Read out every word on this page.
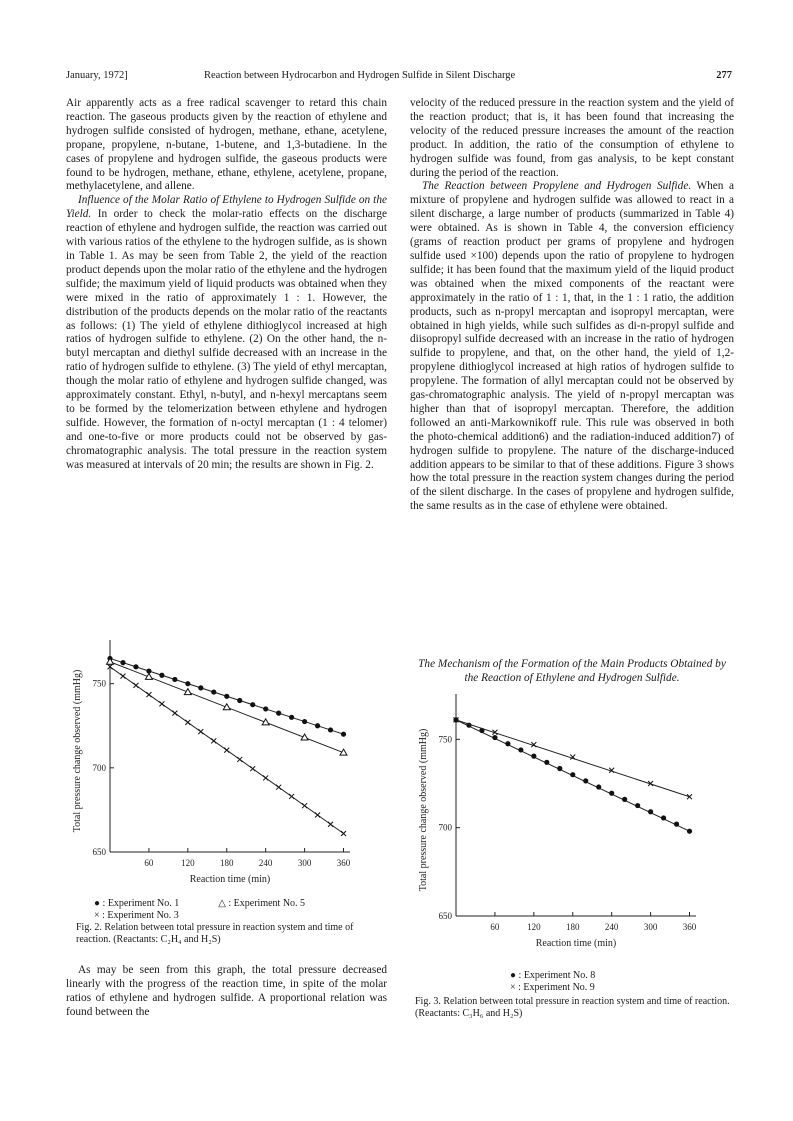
January, 1972]	Reaction between Hydrocarbon and Hydrogen Sulfide in Silent Discharge	277

Air apparently acts as a free radical scavenger to retard this chain reaction. The gaseous products given by the reaction of ethylene and hydrogen sulfide consisted of hydrogen, methane, ethane, acetylene, propane, propylene, n-butane, 1-butene, and 1,3-butadiene. In the cases of propylene and hydrogen sulfide, the gaseous products were found to be hydrogen, methane, ethane, ethylene, acetylene, propane, methylacetylene, and allene.

Influence of the Molar Ratio of Ethylene to Hydrogen Sulfide on the Yield. In order to check the molar-ratio effects on the discharge reaction of ethylene and hydrogen sulfide, the reaction was carried out with various ratios of the ethylene to the hydrogen sulfide, as is shown in Table 1. As may be seen from Table 2, the yield of the reaction product depends upon the molar ratio of the ethylene and the hydrogen sulfide; the maximum yield of liquid products was obtained when they were mixed in the ratio of approximately 1 : 1. However, the distribution of the products depends on the molar ratio of the reactants as follows: (1) The yield of ethylene dithioglycol increased at high ratios of hydrogen sulfide to ethylene. (2) On the other hand, the n-butyl mercaptan and diethyl sulfide decreased with an increase in the ratio of hydrogen sulfide to ethylene. (3) The yield of ethyl mercaptan, though the molar ratio of ethylene and hydrogen sulfide changed, was approximately constant. Ethyl, n-butyl, and n-hexyl mercaptans seem to be formed by the telomerization between ethylene and hydrogen sulfide. However, the formation of n-octyl mercaptan (1 : 4 telomer) and one-to-five or more products could not be observed by gas-chromatographic analysis. The total pressure in the reaction system was measured at intervals of 20 min; the results are shown in Fig. 2.

60	120	180	240	300	360
650
700
750
Reaction time (min)
Total pressure change observed (mmHg)
● : Experiment No. 1	△ : Experiment No. 5
× : Experiment No. 3
Fig. 2. Relation between total pressure in reaction system and time of reaction. (Reactants: C₂H₄ and H₂S)

As may be seen from this graph, the total pressure decreased linearly with the progress of the reaction time, in spite of the molar ratios of ethylene and hydrogen sulfide. A proportional relation was found between the

velocity of the reduced pressure in the reaction system and the yield of the reaction product; that is, it has been found that increasing the velocity of the reduced pressure increases the amount of the reaction product. In addition, the ratio of the consumption of ethylene to hydrogen sulfide was found, from gas analysis, to be kept constant during the period of the reaction.

The Reaction between Propylene and Hydrogen Sulfide. When a mixture of propylene and hydrogen sulfide was allowed to react in a silent discharge, a large number of products (summarized in Table 4) were obtained. As is shown in Table 4, the conversion efficiency (grams of reaction product per grams of propylene and hydrogen sulfide used ×100) depends upon the ratio of propylene to hydrogen sulfide; it has been found that the maximum yield of the liquid product was obtained when the mixed components of the reactant were approximately in the ratio of 1 : 1, that, in the 1 : 1 ratio, the addition products, such as n-propyl mercaptan and isopropyl mercaptan, were obtained in high yields, while such sulfides as di-n-propyl sulfide and diisopropyl sulfide decreased with an increase in the ratio of hydrogen sulfide to propylene, and that, on the other hand, the yield of 1,2-propylene dithioglycol increased at high ratios of hydrogen sulfide to propylene. The formation of allyl mercaptan could not be observed by gas-chromatographic analysis. The yield of n-propyl mercaptan was higher than that of isopropyl mercaptan. Therefore, the addition followed an anti-Markownikoff rule. This rule was observed in both the photo-chemical addition6) and the radiation-induced addition7) of hydrogen sulfide to propylene. The nature of the discharge-induced addition appears to be similar to that of these additions. Figure 3 shows how the total pressure in the reaction system changes during the period of the silent discharge. In the cases of propylene and hydrogen sulfide, the same results as in the case of ethylene were obtained.

The Mechanism of the Formation of the Main Products Obtained by the Reaction of Ethylene and Hydrogen Sulfide.
60	120	180	240	300	360
650
700
750
Reaction time (min)
Total pressure change observed (mmHg)
● : Experiment No. 8
× : Experiment No. 9
Fig. 3. Relation between total pressure in reaction system and time of reaction. (Reactants: C₃H₆ and H₂S)
